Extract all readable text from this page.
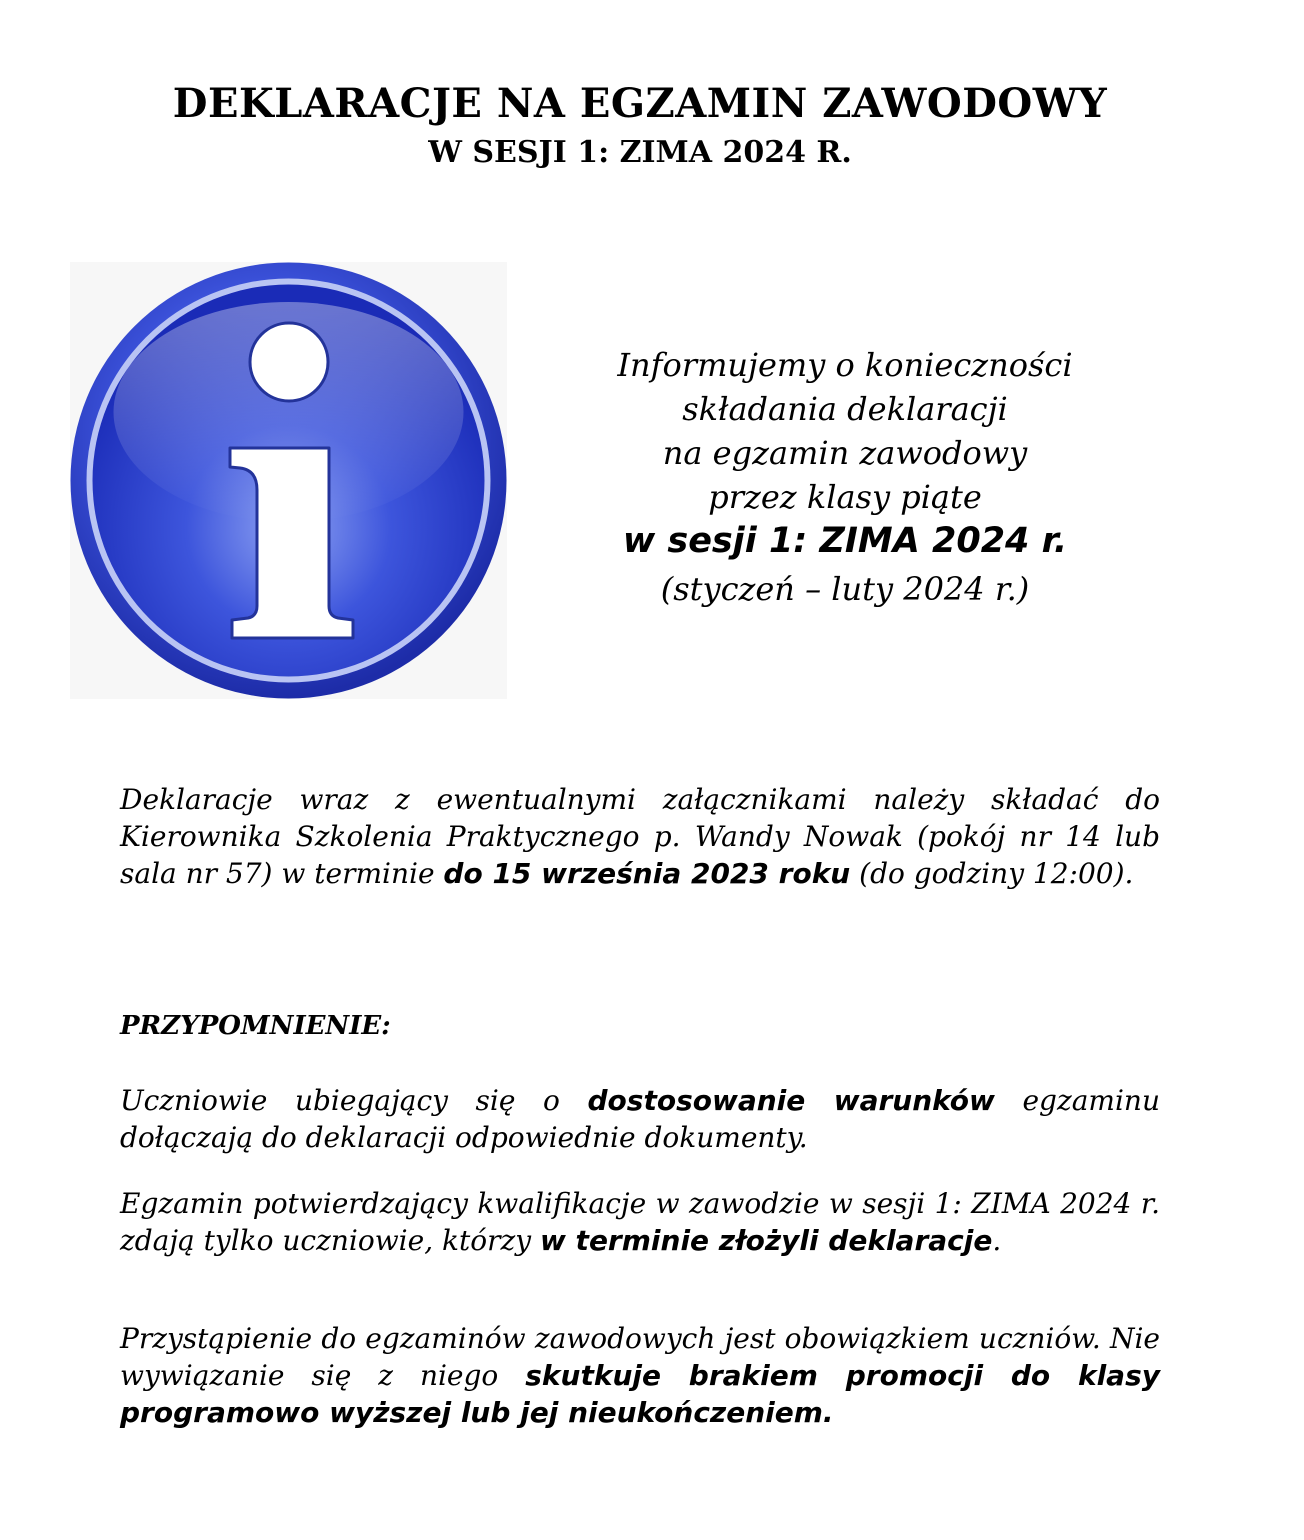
DEKLARACJE NA EGZAMIN ZAWODOWY
W SESJI 1: ZIMA 2024 R.
Informujemy o konieczności
składania deklaracji
na egzamin zawodowy
przez klasy piąte
w sesji 1: ZIMA 2024 r.
(styczeń – luty 2024 r.)

Deklaracje wraz z ewentualnymi załącznikami należy składać do Kierownika Szkolenia Praktycznego p. Wandy Nowak (pokój nr 14 lub sala nr 57) w terminie do 15 września 2023 roku (do godziny 12:00).

PRZYPOMNIENIE:

Uczniowie ubiegający się o dostosowanie warunków egzaminu dołączają do deklaracji odpowiednie dokumenty.

Egzamin potwierdzający kwalifikacje w zawodzie w sesji 1: ZIMA 2024 r. zdają tylko uczniowie, którzy w terminie złożyli deklaracje.

Przystąpienie do egzaminów zawodowych jest obowiązkiem uczniów. Nie wywiązanie się z niego skutkuje brakiem promocji do klasy programowo wyższej lub jej nieukończeniem.
